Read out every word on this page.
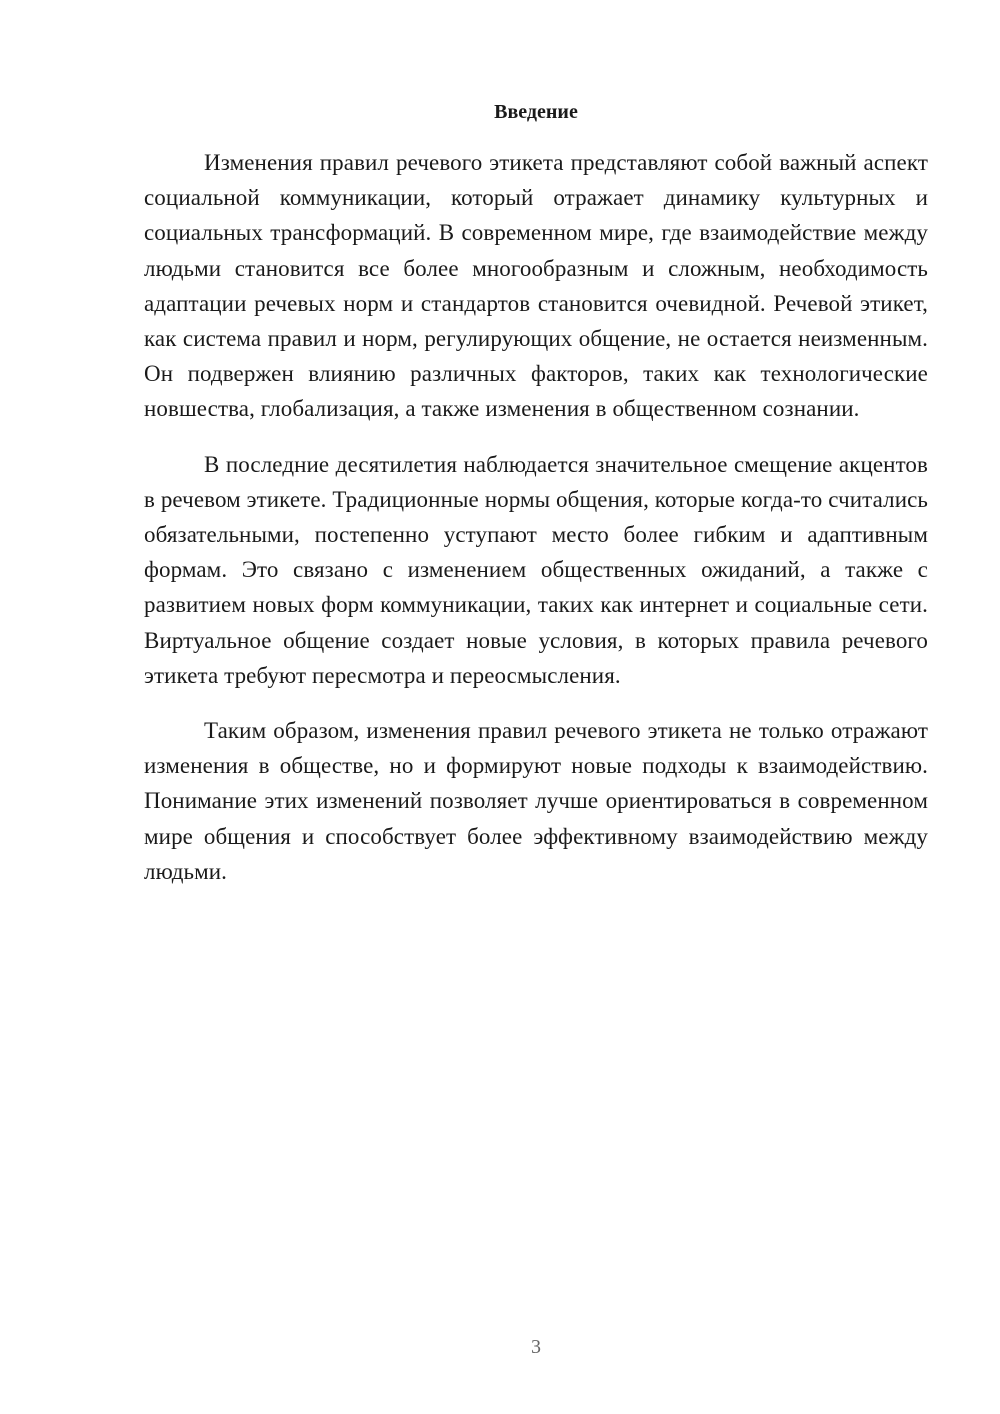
Введение

Изменения правил речевого этикета представляют собой важный аспект социальной коммуникации, который отражает динамику культурных и социальных трансформаций. В современном мире, где взаимодействие между людьми становится все более многообразным и сложным, необходимость адаптации речевых норм и стандартов становится очевидной. Речевой этикет, как система правил и норм, регулирующих общение, не остается неизменным. Он подвержен влиянию различных факторов, таких как технологические новшества, глобализация, а также изменения в общественном сознании.

В последние десятилетия наблюдается значительное смещение акцентов в речевом этикете. Традиционные нормы общения, которые когда-то считались обязательными, постепенно уступают место более гибким и адаптивным формам. Это связано с изменением общественных ожиданий, а также с развитием новых форм коммуникации, таких как интернет и социальные сети. Виртуальное общение создает новые условия, в которых правила речевого этикета требуют пересмотра и переосмысления.

Таким образом, изменения правил речевого этикета не только отражают изменения в обществе, но и формируют новые подходы к взаимодействию. Понимание этих изменений позволяет лучше ориентироваться в современном мире общения и способствует более эффективному взаимодействию между людьми.

3
